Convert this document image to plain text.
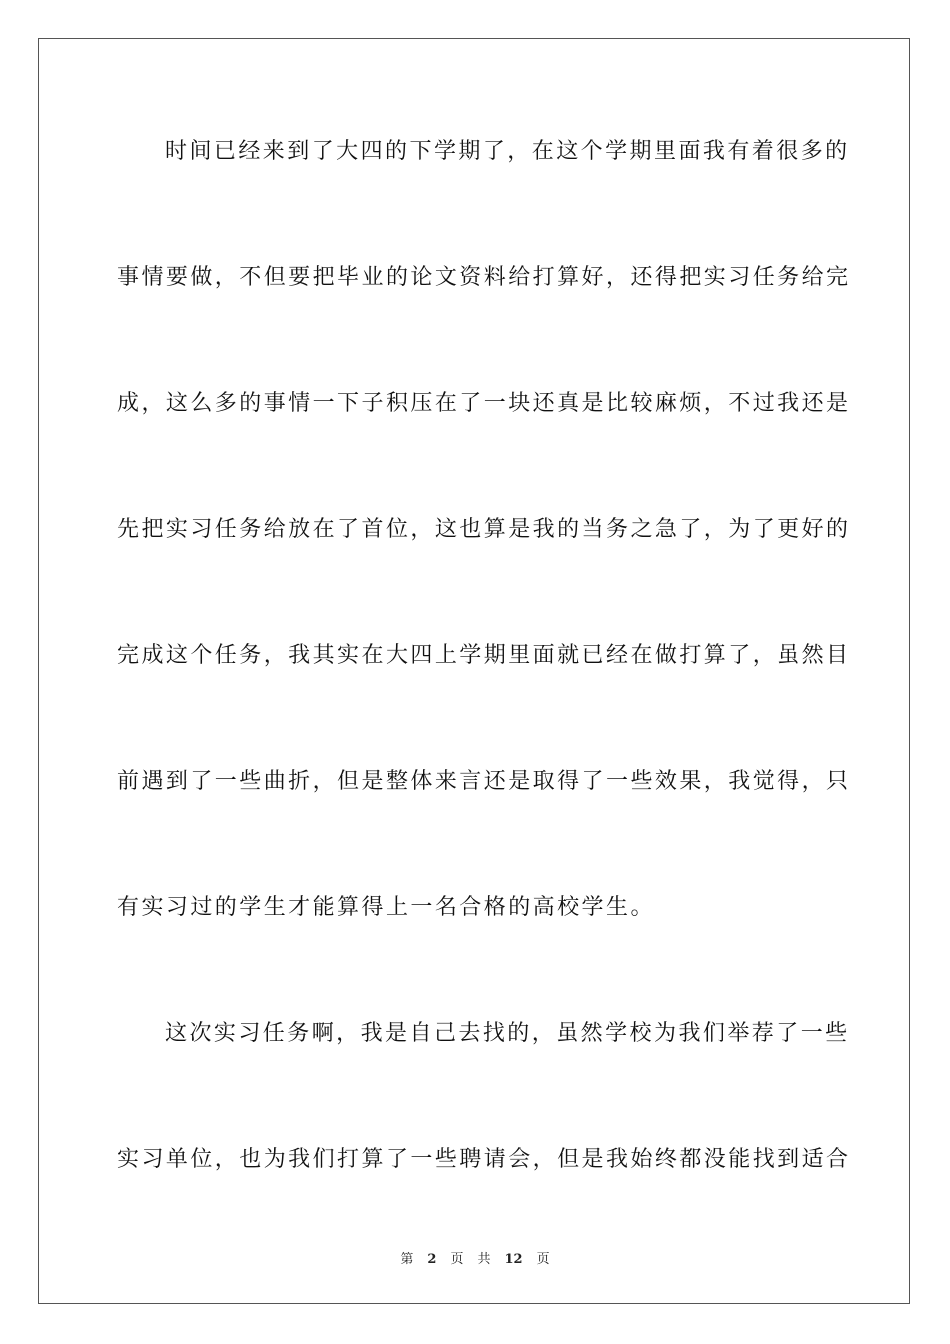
时间已经来到了大四的下学期了，在这个学期里面我有着很多的
事情要做，不但要把毕业的论文资料给打算好，还得把实习任务给完
成，这么多的事情一下子积压在了一块还真是比较麻烦，不过我还是
先把实习任务给放在了首位，这也算是我的当务之急了，为了更好的
完成这个任务，我其实在大四上学期里面就已经在做打算了，虽然目
前遇到了一些曲折，但是整体来言还是取得了一些效果，我觉得，只
有实习过的学生才能算得上一名合格的高校学生。
这次实习任务啊，我是自己去找的，虽然学校为我们举荐了一些
实习单位，也为我们打算了一些聘请会，但是我始终都没能找到适合
第 2 页 共 12 页
